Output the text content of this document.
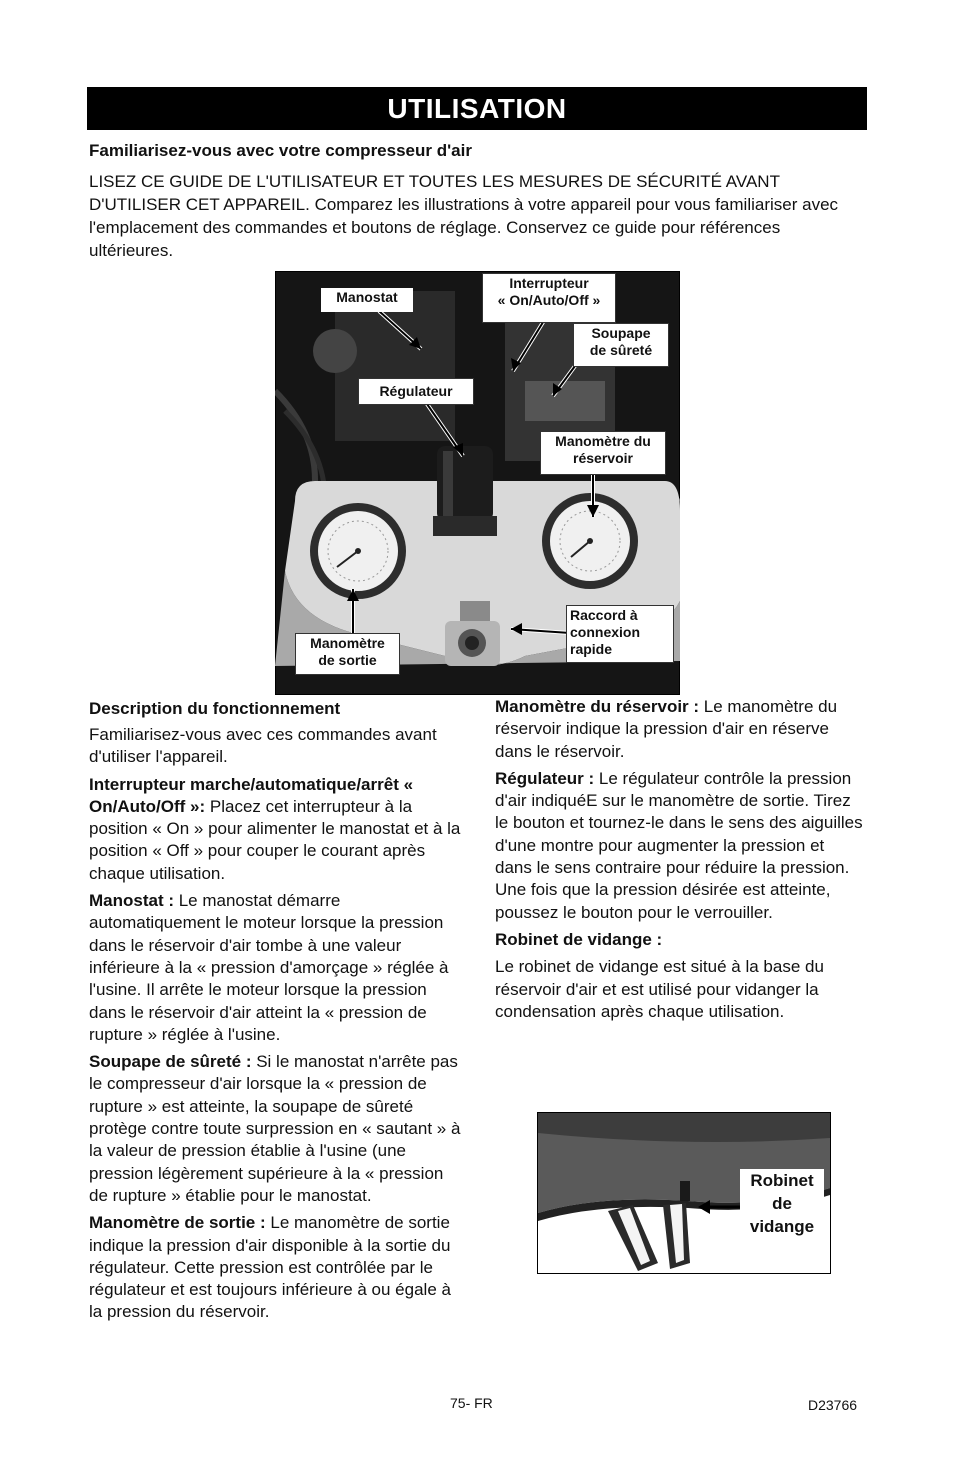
UTILISATION
Familiarisez-vous avec votre compresseur d'air

LISEZ CE GUIDE DE L'UTILISATEUR ET TOUTES LES MESURES DE SÉCURITÉ AVANT D'UTILISER CET APPAREIL. Comparez les illustrations à votre appareil pour vous familiariser avec l'emplacement des commandes et boutons de réglage. Conservez ce guide pour références ultérieures.

Manostat
Interrupteur
« On/Auto/Off »
Soupape
de sûreté
Régulateur
Manomètre du
réservoir
Raccord à
connexion
rapide
Manomètre
de sortie
Description du fonctionnement

Familiarisez-vous avec ces commandes avant d'utiliser l'appareil.

Interrupteur marche/automatique/arrêt « On/Auto/Off »: Placez cet interrupteur à la position « On » pour alimenter le manostat et à la position « Off » pour couper le courant après chaque utilisation.

Manostat : Le manostat démarre automatiquement le moteur lorsque la pression dans le réservoir d'air tombe à une valeur inférieure à la « pression d'amorçage » réglée à l'usine. Il arrête le moteur lorsque la pression dans le réservoir d'air atteint la « pression de rupture » réglée à l'usine.

Soupape de sûreté : Si le manostat n'arrête pas le compresseur d'air lorsque la « pression de rupture » est atteinte, la soupape de sûreté protège contre toute surpression en « sautant » à la valeur de pression établie à l'usine (une pression légèrement supérieure à la « pression de rupture » établie pour le manostat.

Manomètre de sortie : Le manomètre de sortie indique la pression d'air disponible à la sortie du régulateur. Cette pression est contrôlée par le régulateur et est toujours inférieure à ou égale à la pression du réservoir.

Manomètre du réservoir : Le manomètre du réservoir indique la pression d'air en réserve dans le réservoir.

Régulateur : Le régulateur contrôle la pression d'air indiquéE sur le manomètre de sortie. Tirez le bouton et tournez-le dans le sens des aiguilles d'une montre pour augmenter la pression et dans le sens contraire pour réduire la pression. Une fois que la pression désirée est atteinte, poussez le bouton pour le verrouiller.

Robinet de vidange :

Le robinet de vidange est situé à la base du réservoir d'air et est utilisé pour vidanger la condensation après chaque utilisation.

Robinet
de
vidange
75- FR	D23766
